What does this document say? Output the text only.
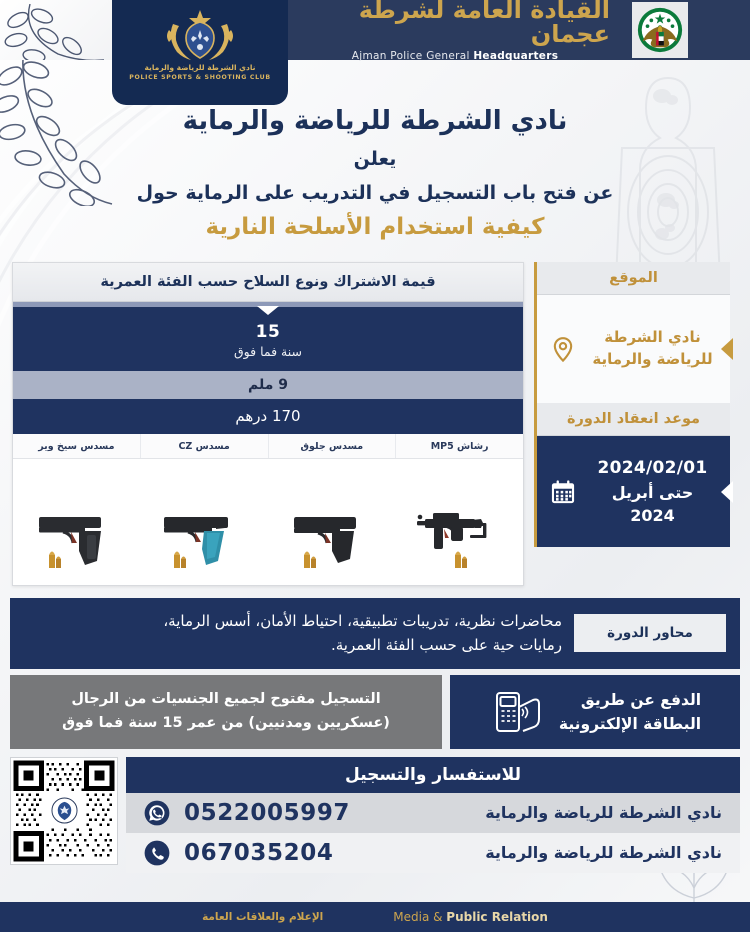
نادي الشرطة للرياضة والرماية
POLICE SPORTS & SHOOTING CLUB
القيادة العامة لشرطة عجمان
Ajman Police General Headquarters
نادي الشرطة للرياضة والرماية
يعلن
عن فتح باب التسجيل في التدريب على الرماية حول
كيفية استخدام الأسلحة النارية
الموقع
نادي الشرطة للرياضة والرماية
موعد انعقاد الدورة
2024/02/01
حتى أبريل 2024
قيمة الاشتراك ونوع السلاح حسب الفئة العمرية
15
سنة فما فوق
9 ملم
170 درهم
رشاش MP5
مسدس جلوق
مسدس CZ
مسدس سيخ وير
محاور الدورة
محاضرات نظرية، تدريبات تطبيقية، احتياط الأمان، أسس الرماية،
رمايات حية على حسب الفئة العمرية.
الدفع عن طريق
البطاقة الإلكترونية
التسجيل مفتوح لجميع الجنسيات من الرجال
(عسكريين ومدنيين) من عمر 15 سنة فما فوق
للاستفسار والتسجيل
نادي الشرطة للرياضة والرماية
0522005997
نادي الشرطة للرياضة والرماية
067035204
Media & Public Relation
الإعلام والعلاقات العامة
